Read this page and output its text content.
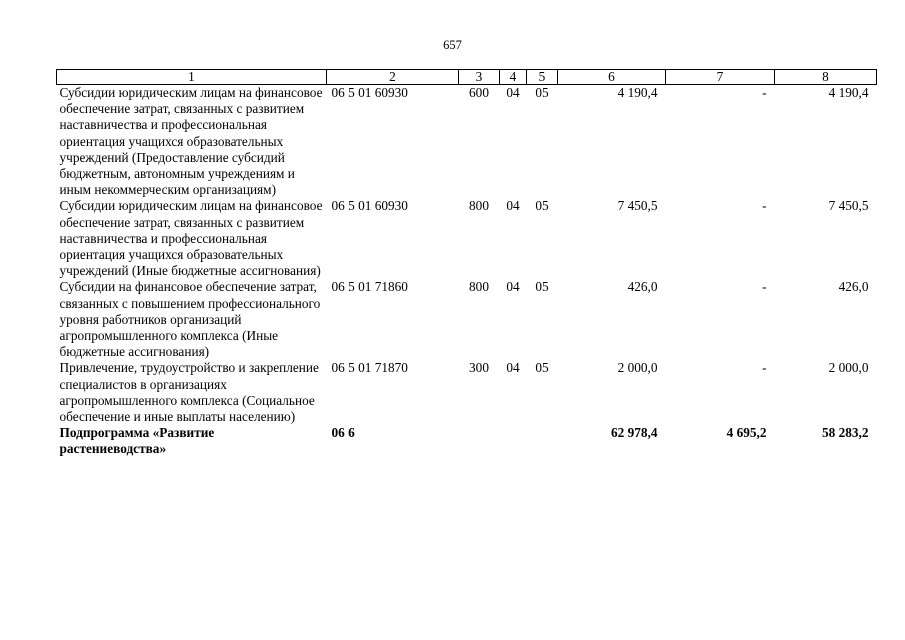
657
1	2	3	4	5	6	7	8
Субсидии юридическим лицам на финансовое обеспечение затрат, связанных с развитием наставничества и профессиональная ориентация учащихся образовательных учреждений (Предоставление субсидий бюджетным, автономным учреждениям и иным некоммерческим организациям)	06 5 01 60930	600	04	05	4 190,4	-	4 190,4
Субсидии юридическим лицам на финансовое обеспечение затрат, связанных с развитием наставничества и профессиональная ориентация учащихся образовательных учреждений (Иные бюджетные ассигнования)	06 5 01 60930	800	04	05	7 450,5	-	7 450,5
Субсидии на финансовое обеспечение затрат, связанных с повышением профессионального уровня работников организаций агропромышленного комплекса (Иные бюджетные ассигнования)	06 5 01 71860	800	04	05	426,0	-	426,0
Привлечение, трудоустройство и закрепление специалистов в организациях агропромышленного комплекса (Социальное обеспечение и иные выплаты населению)	06 5 01 71870	300	04	05	2 000,0	-	2 000,0
Подпрограмма «Развитие растениеводства»	06 6				62 978,4	4 695,2	58 283,2
